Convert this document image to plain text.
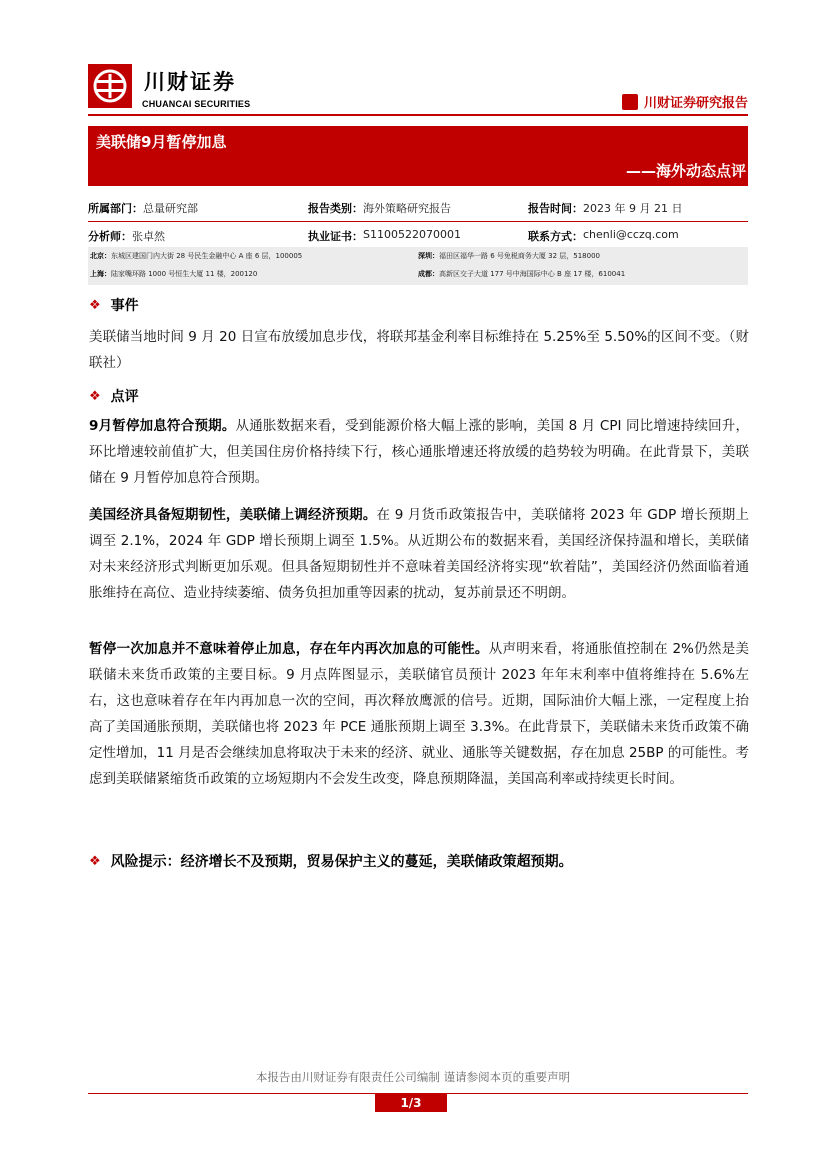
川财证券
CHUANCAI SECURITIES	川财证券研究报告
美联储9月暂停加息
——海外动态点评
所属部门： 总量研究部	报告类别： 海外策略研究报告	报告时间： 2023 年 9 月 21 日
分析师： 张卓然	执业证书： S1100522070001	联系方式： chenli@cczq.com
北京：东城区建国门内大街 28 号民生金融中心 A 座 6 层，100005	深圳：福田区福华一路 6 号免税商务大厦 32 层，518000
上海：陆家嘴环路 1000 号恒生大厦 11 楼，200120	成都：高新区交子大道 177 号中海国际中心 B 座 17 楼，610041
❖ 事件
美联储当地时间 9 月 20 日宣布放缓加息步伐，将联邦基金利率目标维持在 5.25%至 5.50%的区间不变。（财联社）
❖ 点评
9月暂停加息符合预期。从通胀数据来看，受到能源价格大幅上涨的影响，美国 8 月 CPI 同比增速持续回升，环比增速较前值扩大，但美国住房价格持续下行，核心通胀增速还将放缓的趋势较为明确。在此背景下，美联储在 9 月暂停加息符合预期。
美国经济具备短期韧性，美联储上调经济预期。在 9 月货币政策报告中，美联储将 2023 年 GDP 增长预期上调至 2.1%，2024 年 GDP 增长预期上调至 1.5%。从近期公布的数据来看，美国经济保持温和增长，美联储对未来经济形式判断更加乐观。但具备短期韧性并不意味着美国经济将实现“软着陆”，美国经济仍然面临着通胀维持在高位、造业持续萎缩、债务负担加重等因素的扰动，复苏前景还不明朗。
暂停一次加息并不意味着停止加息，存在年内再次加息的可能性。从声明来看，将通胀值控制在 2%仍然是美联储未来货币政策的主要目标。9 月点阵图显示，美联储官员预计 2023 年年末利率中值将维持在 5.6%左右，这也意味着存在年内再加息一次的空间，再次释放鹰派的信号。近期，国际油价大幅上涨，一定程度上抬高了美国通胀预期，美联储也将 2023 年 PCE 通胀预期上调至 3.3%。在此背景下，美联储未来货币政策不确定性增加，11 月是否会继续加息将取决于未来的经济、就业、通胀等关键数据，存在加息 25BP 的可能性。考虑到美联储紧缩货币政策的立场短期内不会发生改变，降息预期降温，美国高利率或持续更长时间。
❖ 风险提示：经济增长不及预期，贸易保护主义的蔓延，美联储政策超预期。
本报告由川财证券有限责任公司编制 谨请参阅本页的重要声明
1/3
